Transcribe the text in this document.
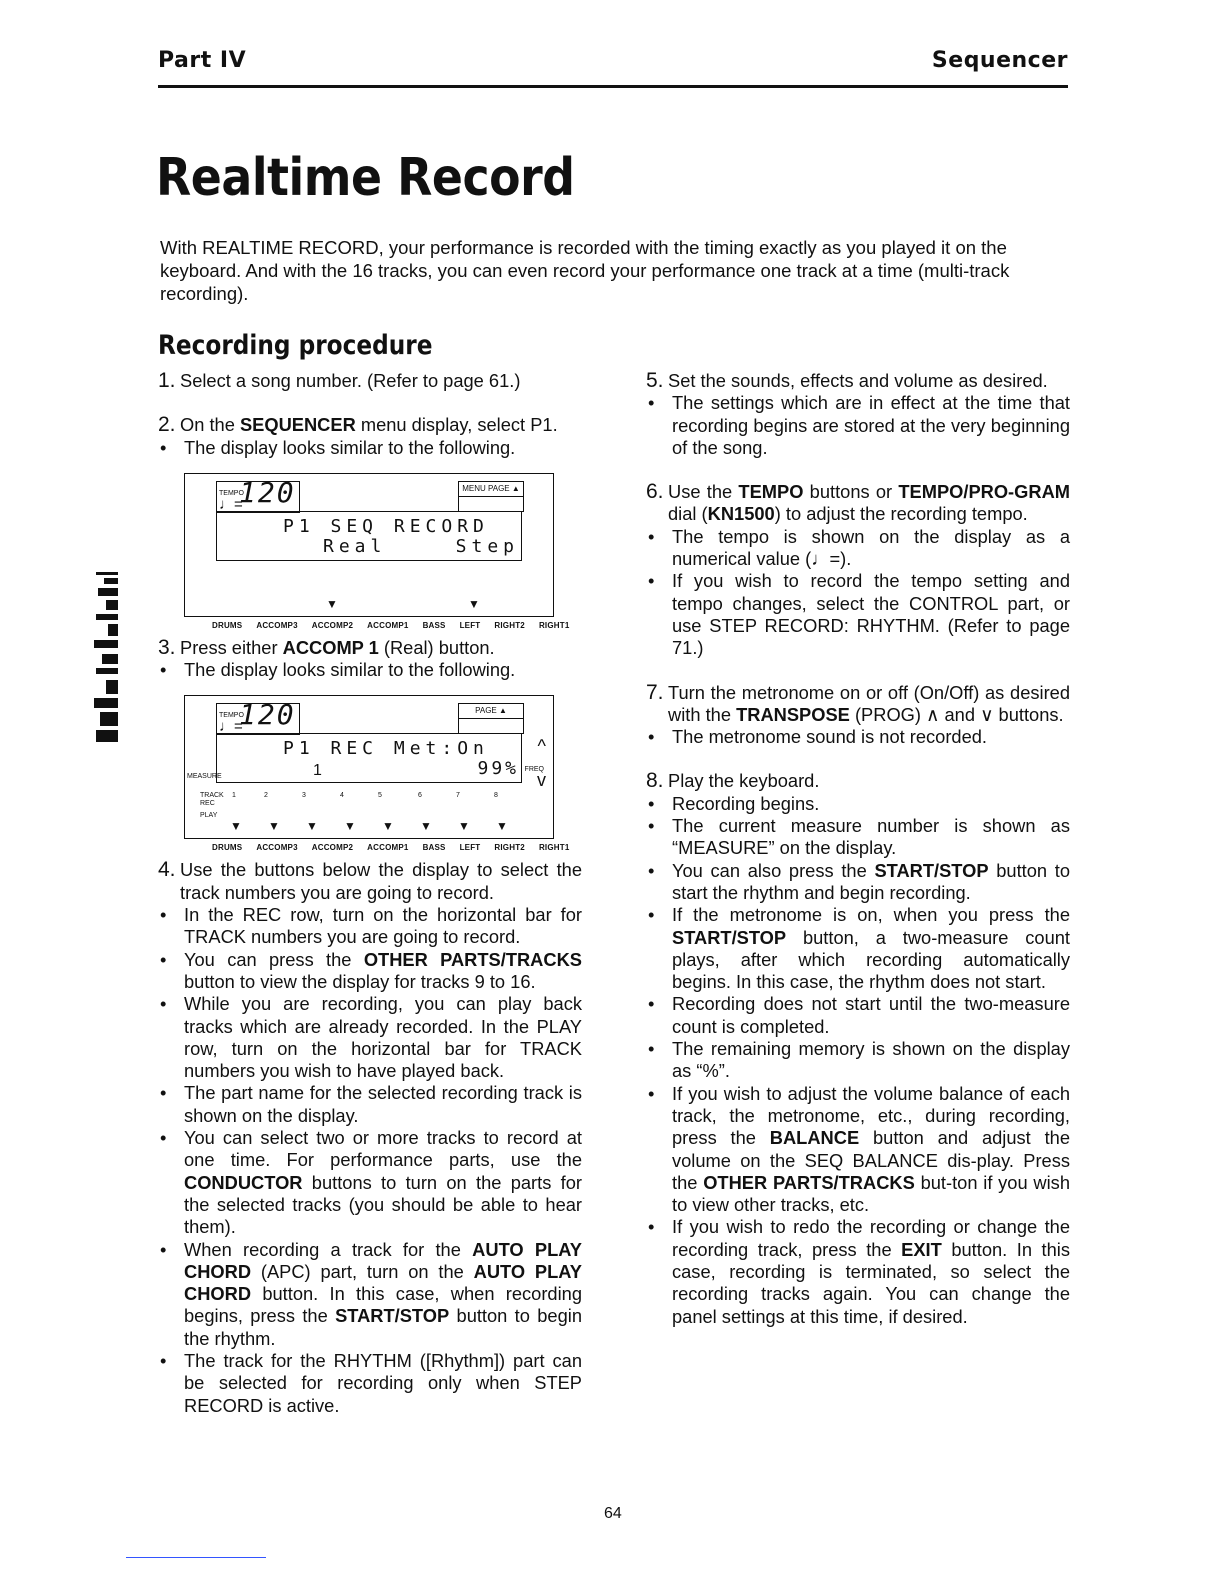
Part IV	Sequencer
Realtime Record
With REALTIME RECORD, your performance is recorded with the timing exactly as you played it on the keyboard. And with the 16 tracks, you can even record your performance one track at a time (multi-track recording).
Recording procedure
1. Select a song number. (Refer to page 61.)
2. On the SEQUENCER menu display, select P1.
• The display looks similar to the following.
TEMPO
♩=
120	MENU PAGE ▲
P1 SEQ RECORD
Real	Step
▼	▼
DRUMS ACCOMP3 ACCOMP2 ACCOMP1 BASS LEFT RIGHT2 RIGHT1
3. Press either ACCOMP 1 (Real) button.
• The display looks similar to the following.
TEMPO
♩=
120	PAGE ▲
P1 REC Met:On
MEASURE	1	99%
^
FREQ
v
TRACK
REC
PLAY
1	2	3	4	5	6	7	8
▼ ▼ ▼ ▼ ▼ ▼ ▼ ▼
DRUMS ACCOMP3 ACCOMP2 ACCOMP1 BASS LEFT RIGHT2 RIGHT1
4. Use the buttons below the display to select the track numbers you are going to record.
• In the REC row, turn on the horizontal bar for TRACK numbers you are going to record.
• You can press the OTHER PARTS/TRACKS button to view the display for tracks 9 to 16.
• While you are recording, you can play back tracks which are already recorded. In the PLAY row, turn on the horizontal bar for TRACK numbers you wish to have played back.
• The part name for the selected recording track is shown on the display.
• You can select two or more tracks to record at one time. For performance parts, use the CONDUCTOR buttons to turn on the parts for the selected tracks (you should be able to hear them).
• When recording a track for the AUTO PLAY CHORD (APC) part, turn on the AUTO PLAY CHORD button. In this case, when recording begins, press the START/STOP button to begin the rhythm.
• The track for the RHYTHM ([Rhythm]) part can be selected for recording only when STEP RECORD is active.
5. Set the sounds, effects and volume as desired.
• The settings which are in effect at the time that recording begins are stored at the very beginning of the song.
6. Use the TEMPO buttons or TEMPO/PRO-GRAM dial (KN1500) to adjust the recording tempo.
• The tempo is shown on the display as a numerical value (♩=).
• If you wish to record the tempo setting and tempo changes, select the CONTROL part, or use STEP RECORD: RHYTHM. (Refer to page 71.)
7. Turn the metronome on or off (On/Off) as desired with the TRANSPOSE (PROG) ∧ and ∨ buttons.
• The metronome sound is not recorded.
8. Play the keyboard.
• Recording begins.
• The current measure number is shown as “MEASURE” on the display.
• You can also press the START/STOP button to start the rhythm and begin recording.
• If the metronome is on, when you press the START/STOP button, a two-measure count plays, after which recording automatically begins. In this case, the rhythm does not start.
• Recording does not start until the two-measure count is completed.
• The remaining memory is shown on the display as “%”.
• If you wish to adjust the volume balance of each track, the metronome, etc., during recording, press the BALANCE button and adjust the volume on the SEQ BALANCE dis-play. Press the OTHER PARTS/TRACKS but-ton if you wish to view other tracks, etc.
• If you wish to redo the recording or change the recording track, press the EXIT button. In this case, recording is terminated, so select the recording tracks again. You can change the panel settings at this time, if desired.
64
